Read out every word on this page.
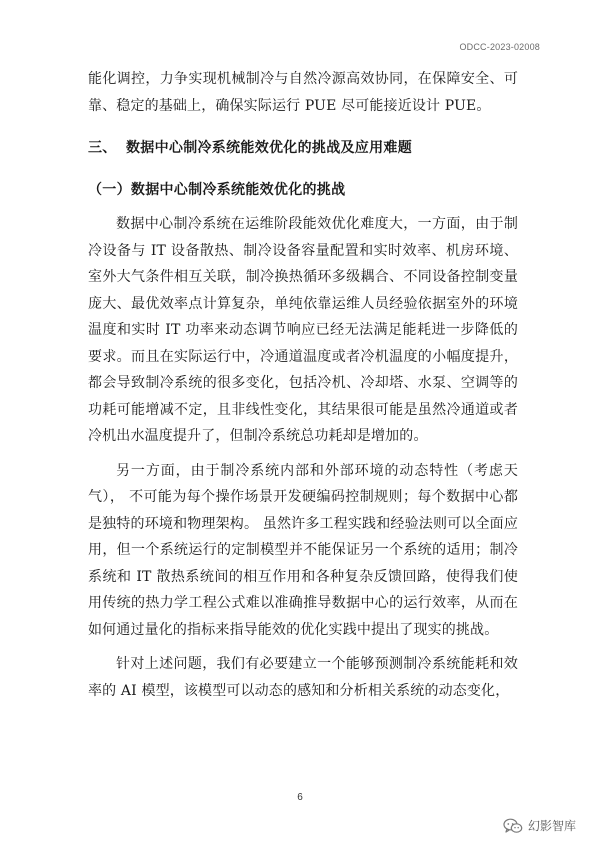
ODCC-2023-02008

能化调控，力争实现机械制冷与自然冷源高效协同，在保障安全、可靠、稳定的基础上，确保实际运行 PUE 尽可能接近设计 PUE。

三、 数据中心制冷系统能效优化的挑战及应用难题
（一）数据中心制冷系统能效优化的挑战

数据中心制冷系统在运维阶段能效优化难度大，一方面，由于制冷设备与 IT 设备散热、制冷设备容量配置和实时效率、机房环境、室外大气条件相互关联，制冷换热循环多级耦合、不同设备控制变量庞大、最优效率点计算复杂，单纯依靠运维人员经验依据室外的环境温度和实时 IT 功率来动态调节响应已经无法满足能耗进一步降低的要求。而且在实际运行中，冷通道温度或者冷机温度的小幅度提升，都会导致制冷系统的很多变化，包括冷机、冷却塔、水泵、空调等的功耗可能增减不定，且非线性变化，其结果很可能是虽然冷通道或者冷机出水温度提升了，但制冷系统总功耗却是增加的。

另一方面，由于制冷系统内部和外部环境的动态特性（考虑天气）， 不可能为每个操作场景开发硬编码控制规则；每个数据中心都是独特的环境和物理架构。 虽然许多工程实践和经验法则可以全面应用，但一个系统运行的定制模型并不能保证另一个系统的适用；制冷系统和 IT 散热系统间的相互作用和各种复杂反馈回路，使得我们使用传统的热力学工程公式难以准确推导数据中心的运行效率，从而在如何通过量化的指标来指导能效的优化实践中提出了现实的挑战。

针对上述问题，我们有必要建立一个能够预测制冷系统能耗和效率的 AI 模型，该模型可以动态的感知和分析相关系统的动态变化，

6
幻影智库
